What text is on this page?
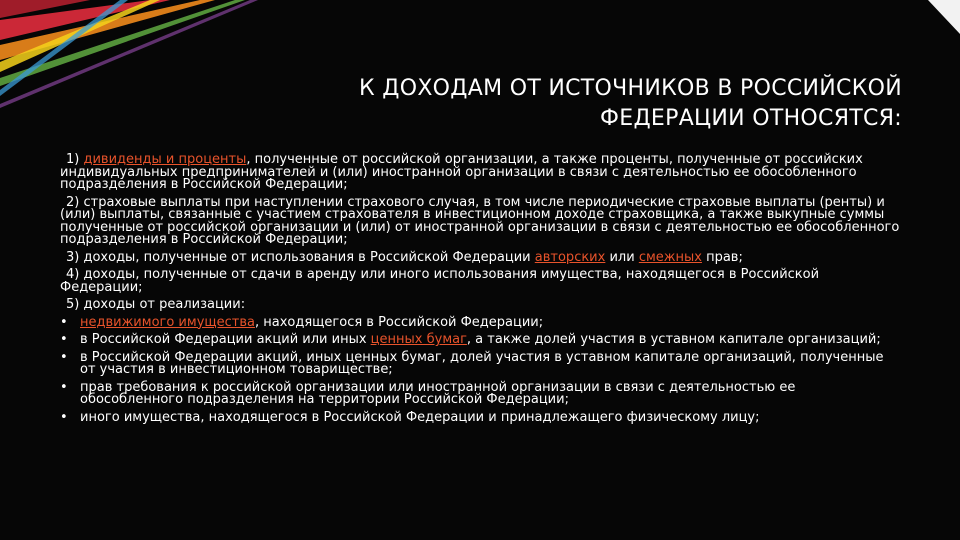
К ДОХОДАМ ОТ ИСТОЧНИКОВ В РОССИЙСКОЙ
ФЕДЕРАЦИИ ОТНОСЯТСЯ:

1) дивиденды и проценты, полученные от российской организации, а также проценты, полученные от российских индивидуальных предпринимателей и (или) иностранной организации в связи с деятельностью ее обособленного подразделения в Российской Федерации;

2) страховые выплаты при наступлении страхового случая, в том числе периодические страховые выплаты (ренты) и (или) выплаты, связанные с участием страхователя в инвестиционном доходе страховщика, а также выкупные суммы полученные от российской организации и (или) от иностранной организации в связи с деятельностью ее обособленного подразделения в Российской Федерации;

3) доходы, полученные от использования в Российской Федерации авторских или смежных прав;

4) доходы, полученные от сдачи в аренду или иного использования имущества, находящегося в Российской Федерации;

5) доходы от реализации:

• недвижимого имущества, находящегося в Российской Федерации;
• в Российской Федерации акций или иных ценных бумаг, а также долей участия в уставном капитале организаций;
• в Российской Федерации акций, иных ценных бумаг, долей участия в уставном капитале организаций, полученные от участия в инвестиционном товариществе;
• прав требования к российской организации или иностранной организации в связи с деятельностью ее обособленного подразделения на территории Российской Федерации;
• иного имущества, находящегося в Российской Федерации и принадлежащего физическому лицу;
